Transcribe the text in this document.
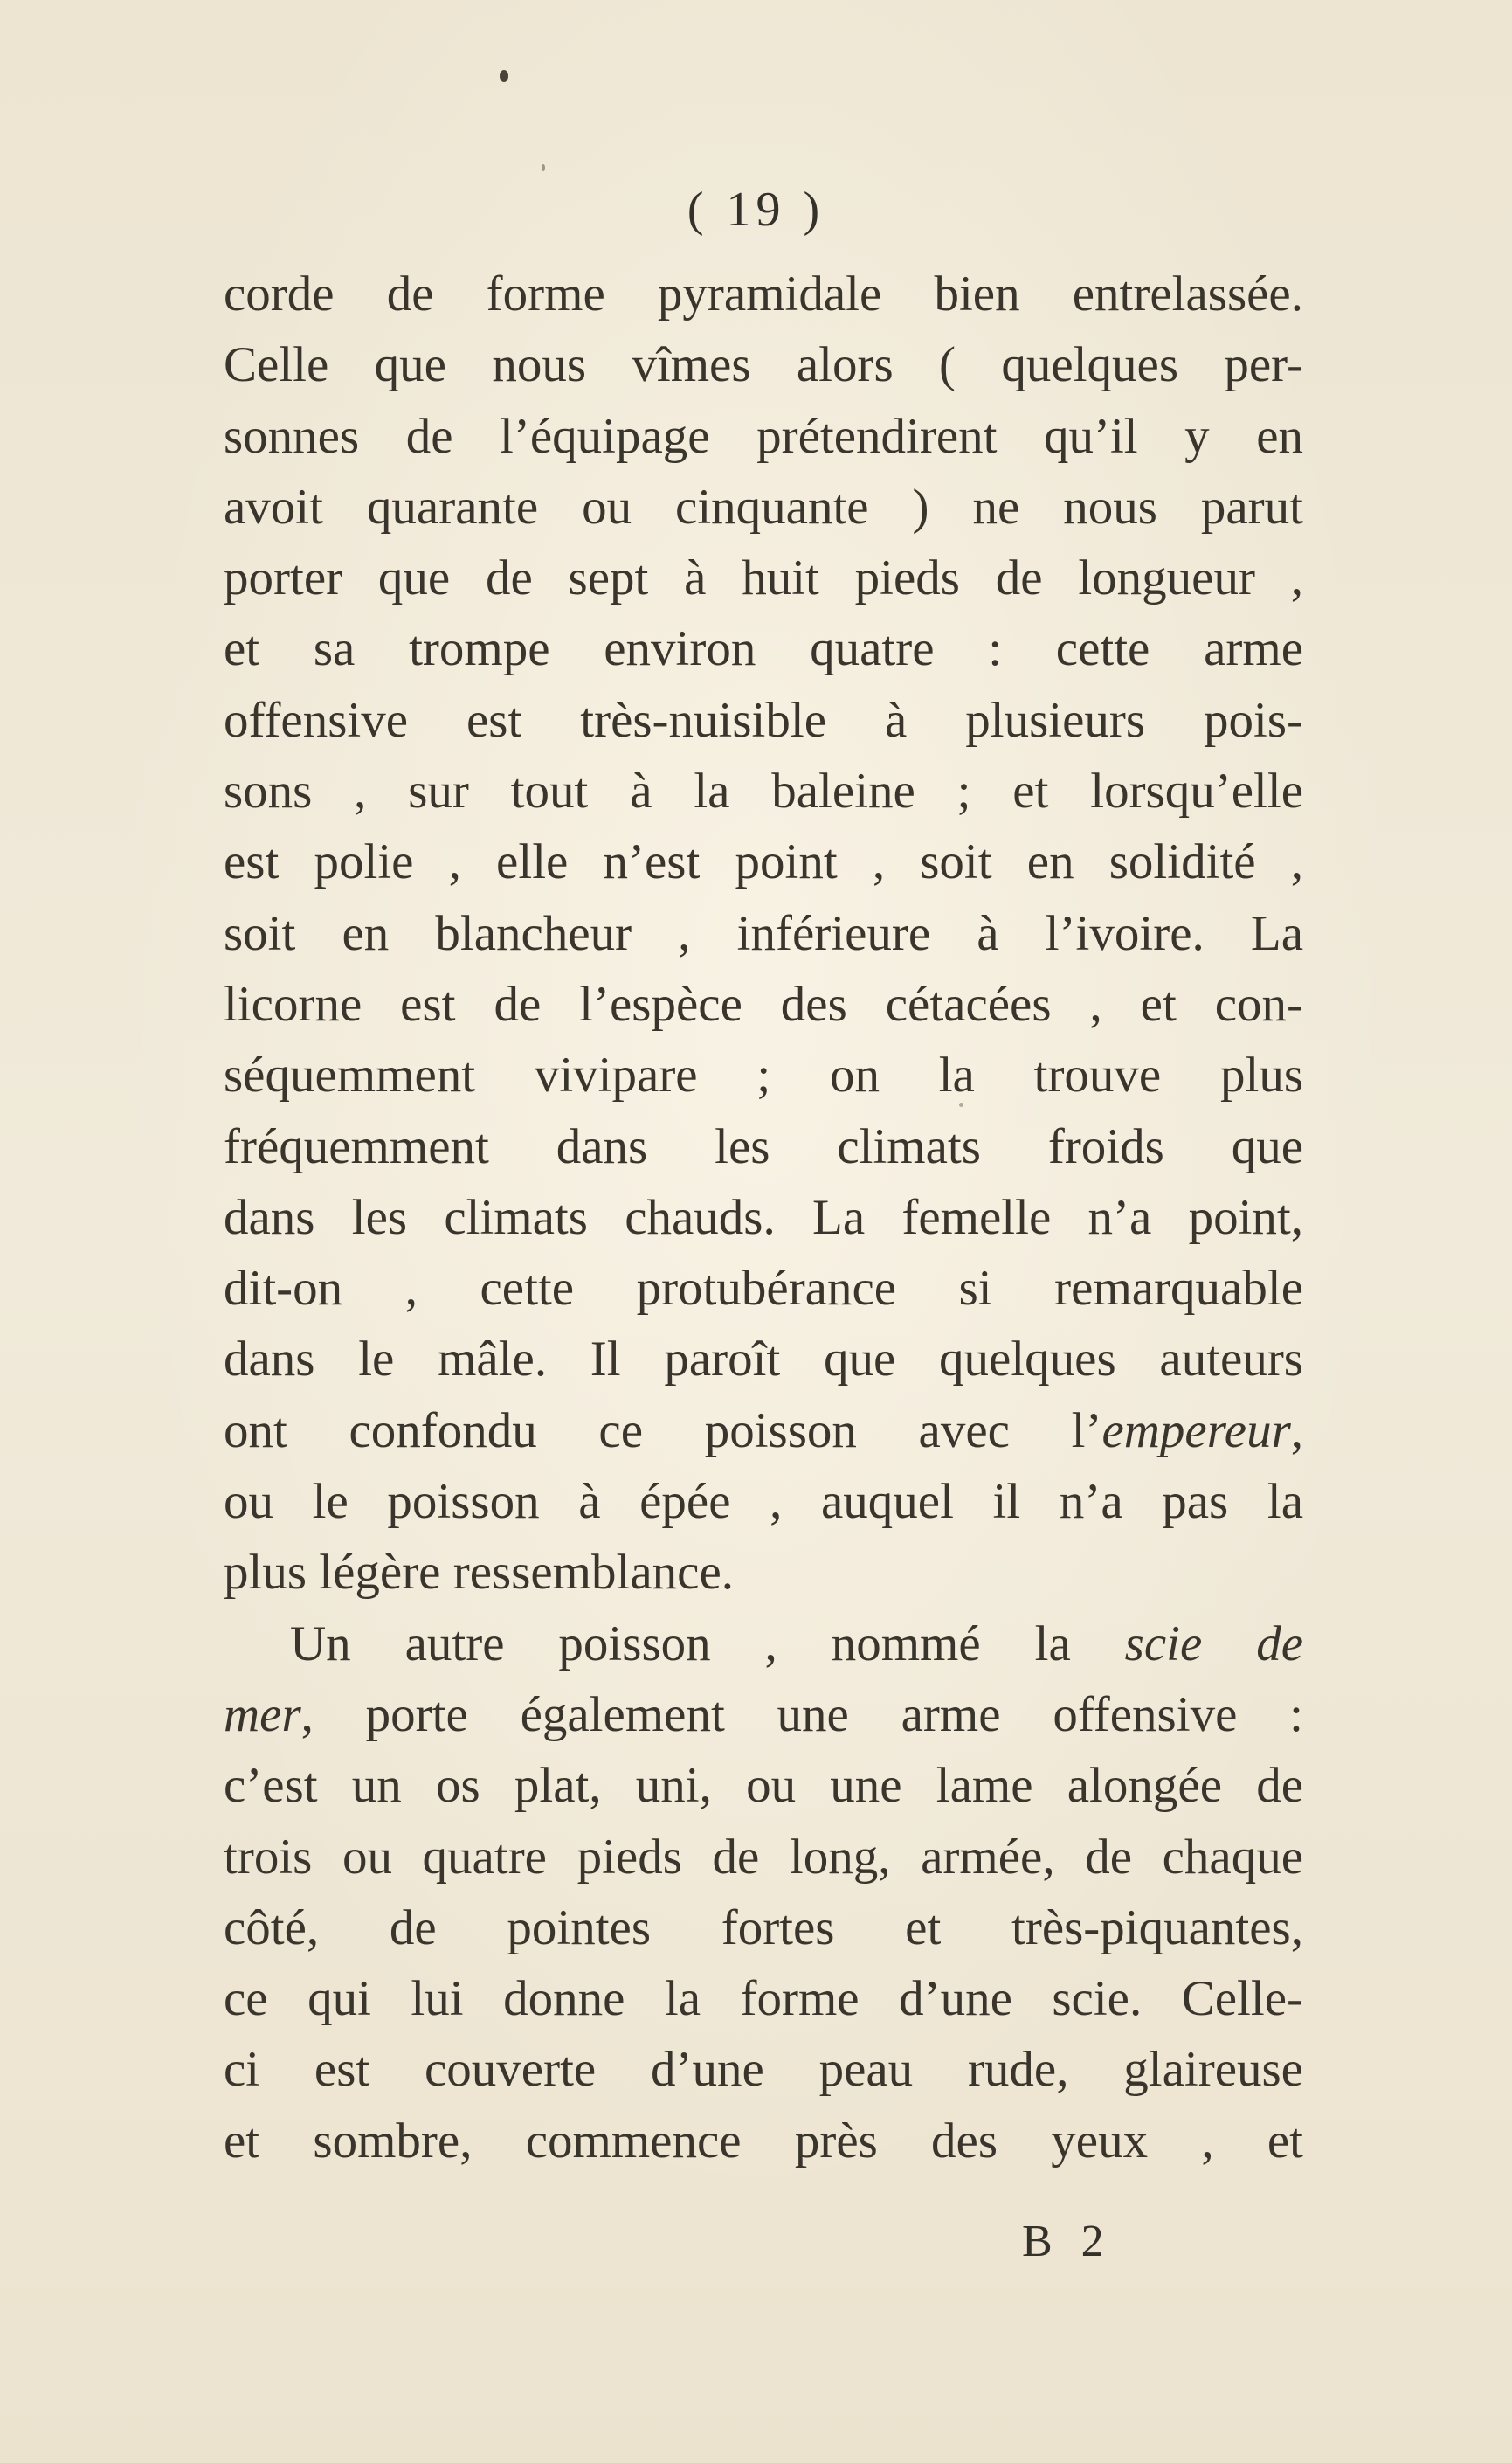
( 19 )
corde de forme pyramidale bien entrelassée.
Celle que nous vîmes alors ( quelques per-
sonnes de l’équipage prétendirent qu’il y en
avoit quarante ou cinquante ) ne nous parut
porter que de sept à huit pieds de longueur ,
et sa trompe environ quatre : cette arme
offensive est très-nuisible à plusieurs pois-
sons , sur tout à la baleine ; et lorsqu’elle
est polie , elle n’est point , soit en solidité ,
soit en blancheur , inférieure à l’ivoire. La
licorne est de l’espèce des cétacées , et con-
séquemment vivipare ; on la trouve plus
fréquemment dans les climats froids que
dans les climats chauds. La femelle n’a point,
dit-on , cette protubérance si remarquable
dans le mâle. Il paroît que quelques auteurs
ont confondu ce poisson avec l’empereur,
ou le poisson à épée , auquel il n’a pas la
plus légère ressemblance.
Un autre poisson , nommé la scie de
mer, porte également une arme offensive :
c’est un os plat, uni, ou une lame alongée de
trois ou quatre pieds de long, armée, de chaque
côté, de pointes fortes et très-piquantes,
ce qui lui donne la forme d’une scie. Celle-
ci est couverte d’une peau rude, glaireuse
et sombre, commence près des yeux , et
B 2
